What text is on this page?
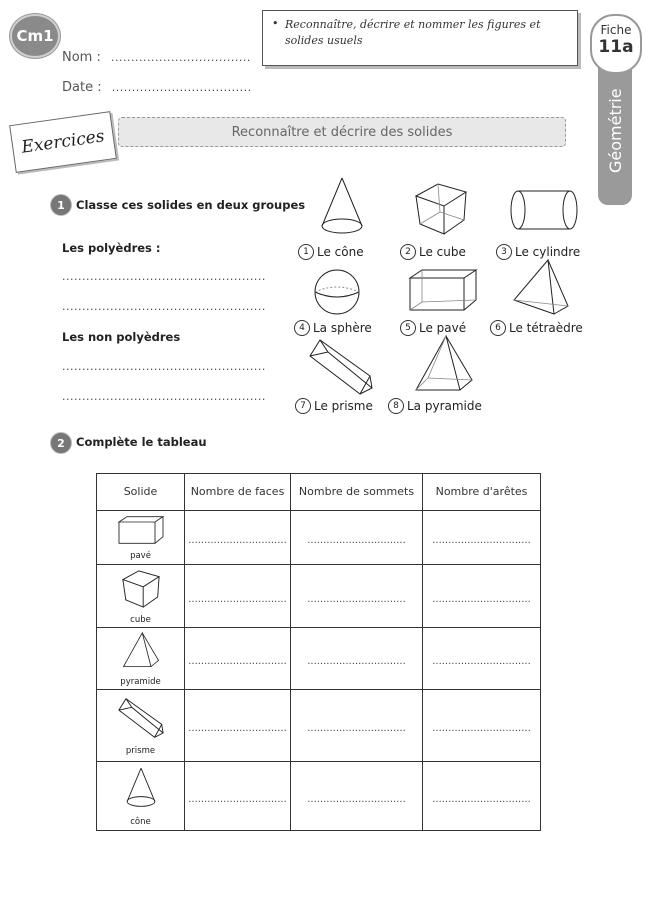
Cm1
Nom : ...................................
Date : ...................................
• Reconnaître, décrire et nommer les figures et solides usuels
Géométrie
Fiche
11a
Reconnaître et décrire des solides
Exercices
1 Classe ces solides en deux groupes
Les polyèdres :
...................................................
...................................................
Les non polyèdres
...................................................
...................................................
1 Le cône	2 Le cube	3 Le cylindre
4 La sphère	5 Le pavé	6 Le tétraèdre
7 Le prisme	8 La pyramide
2 Complète le tableau
Solide	Nombre de faces	Nombre de sommets	Nombre d'arêtes

pavé	...............................	...............................	...............................

cube	...............................	...............................	...............................

pyramide	...............................	...............................	...............................

prisme	...............................	...............................	...............................

cône	...............................	...............................	...............................
